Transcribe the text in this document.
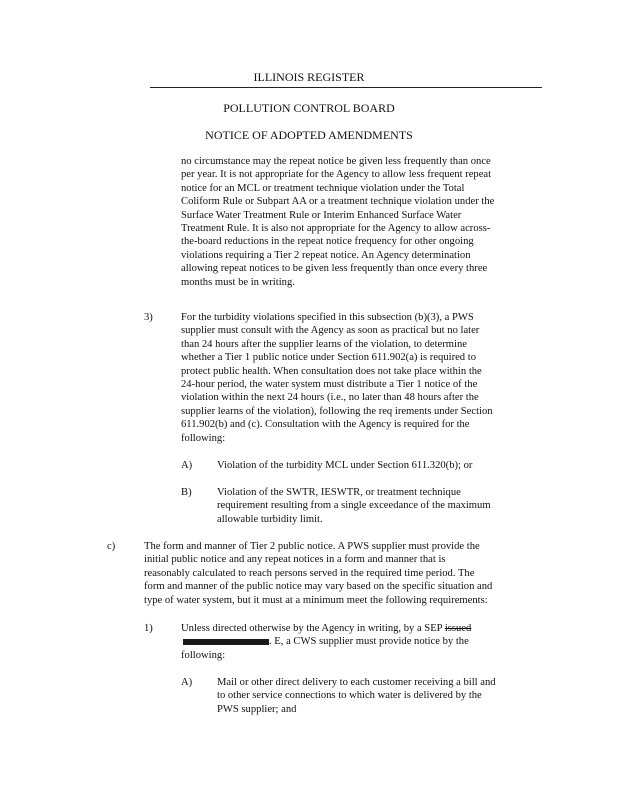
ILLINOIS REGISTER
POLLUTION CONTROL BOARD
NOTICE OF ADOPTED AMENDMENTS

no circumstance may the repeat notice be given less frequently than once

per year. It is not appropriate for the Agency to allow less frequent repeat

notice for an MCL or treatment technique violation under the Total

Coliform Rule or Subpart AA or a treatment technique violation under the

Surface Water Treatment Rule or Interim Enhanced Surface Water

Treatment Rule. It is also not appropriate for the Agency to allow across-

the-board reductions in the repeat notice frequency for other ongoing

violations requiring a Tier 2 repeat notice. An Agency determination

allowing repeat notices to be given less frequently than once every three

months must be in writing.

3)	For the turbidity violations specified in this subsection (b)(3), a PWS

supplier must consult with the Agency as soon as practical but no later

than 24 hours after the supplier learns of the violation, to determine

whether a Tier 1 public notice under Section 611.902(a) is required to

protect public health. When consultation does not take place within the

24-hour period, the water system must distribute a Tier 1 notice of the

violation within the next 24 hours (i.e., no later than 48 hours after the

supplier learns of the violation), following the req irements under Section

611.902(b) and (c). Consultation with the Agency is required for the

following:

A) Violation of the turbidity MCL under Section 611.320(b); or

B) Violation of the SWTR, IESWTR, or treatment technique

requirement resulting from a single exceedance of the maximum

allowable turbidity limit.

c)	The form and manner of Tier 2 public notice. A PWS supplier must provide the

initial public notice and any repeat notices in a form and manner that is

reasonably calculated to reach persons served in the required time period. The

form and manner of the public notice may vary based on the specific situation and

type of water system, but it must at a minimum meet the following requirements:

1)	Unless directed otherwise by the Agency in writing, by a SEP issued

. E, a CWS supplier must provide notice by the

following:

A) Mail or other direct delivery to each customer receiving a bill and

to other service connections to which water is delivered by the

PWS supplier; and
